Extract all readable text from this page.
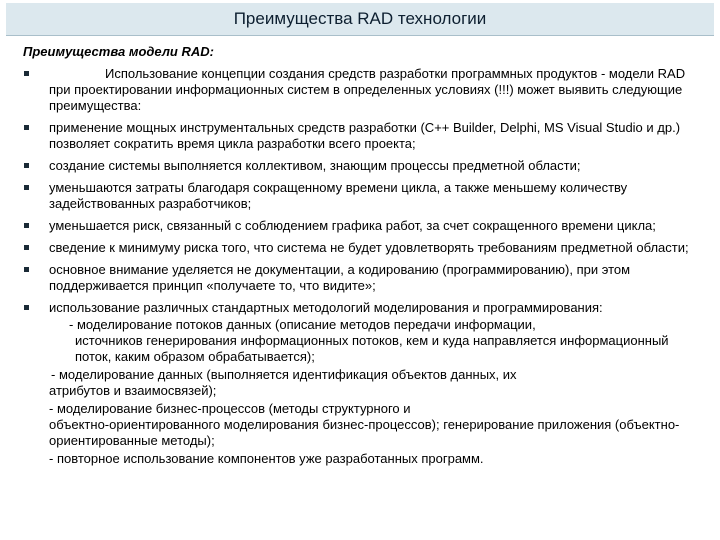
Преимущества RAD технологии
Преимущества модели RAD:
Использование концепции создания средств разработки программных продуктов - модели RAD при проектировании информационных систем в определенных условиях (!!!) может выявить следующие преимущества:
применение мощных инструментальных средств разработки (С++ Builder, Delphi, MS Visual Studio и др.) позволяет сократить время цикла разработки всего проекта;
создание системы выполняется коллективом, знающим процессы предметной области;
уменьшаются затраты благодаря сокращенному времени цикла, а также меньшему количеству задействованных разработчиков;
уменьшается риск, связанный с соблюдением графика работ, за счет сокращенного времени цикла;
сведение к минимуму риска того, что система не будет удовлетворять требованиям предметной области;
основное внимание уделяется не документации, а кодированию (программированию), при этом поддерживается принцип «получаете то, что видите»;
использование различных стандартных методологий моделирования и программирования:
- моделирование потоков данных (описание методов передачи информации,
источников генерирования информационных потоков, кем и куда направляется информационный поток, каким образом обрабатывается);
- моделирование данных (выполняется идентификация объектов данных, их
атрибутов и взаимосвязей);
- моделирование бизнес-процессов (методы структурного и
объектно-ориентированного моделирования бизнес-процессов); генерирование приложения (объектно-ориентированные методы);
- повторное использование компонентов уже разработанных программ.
